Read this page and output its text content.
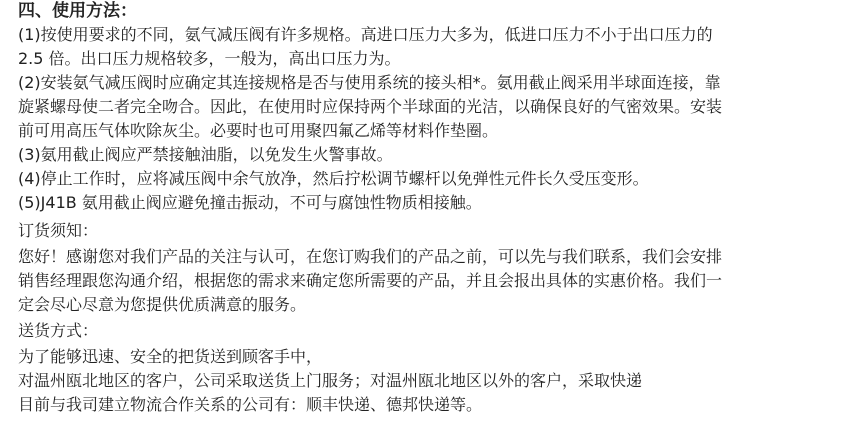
四、使用方法：
(1)按使用要求的不同，氨气减压阀有许多规格。高进口压力大多为，低进口压力不小于出口压力的
2.5 倍。出口压力规格较多，一般为，高出口压力为。
(2)安装氨气减压阀时应确定其连接规格是否与使用系统的接头相*。氨用截止阀采用半球面连接，靠
旋紧螺母使二者完全吻合。因此，在使用时应保持两个半球面的光洁，以确保良好的气密效果。安装
前可用高压气体吹除灰尘。必要时也可用聚四氟乙烯等材料作垫圈。
(3)氨用截止阀应严禁接触油脂，以免发生火警事故。
(4)停止工作时，应将减压阀中余气放净，然后拧松调节螺杆以免弹性元件长久受压变形。
(5)J41B 氨用截止阀应避免撞击振动，不可与腐蚀性物质相接触。
订货须知：
您好！感谢您对我们产品的关注与认可，在您订购我们的产品之前，可以先与我们联系，我们会安排
销售经理跟您沟通介绍，根据您的需求来确定您所需要的产品，并且会报出具体的实惠价格。我们一
定会尽心尽意为您提供优质满意的服务。
送货方式：
为了能够迅速、安全的把货送到顾客手中，
对温州瓯北地区的客户，公司采取送货上门服务；对温州瓯北地区以外的客户，采取快递
目前与我司建立物流合作关系的公司有：顺丰快递、德邦快递等。
